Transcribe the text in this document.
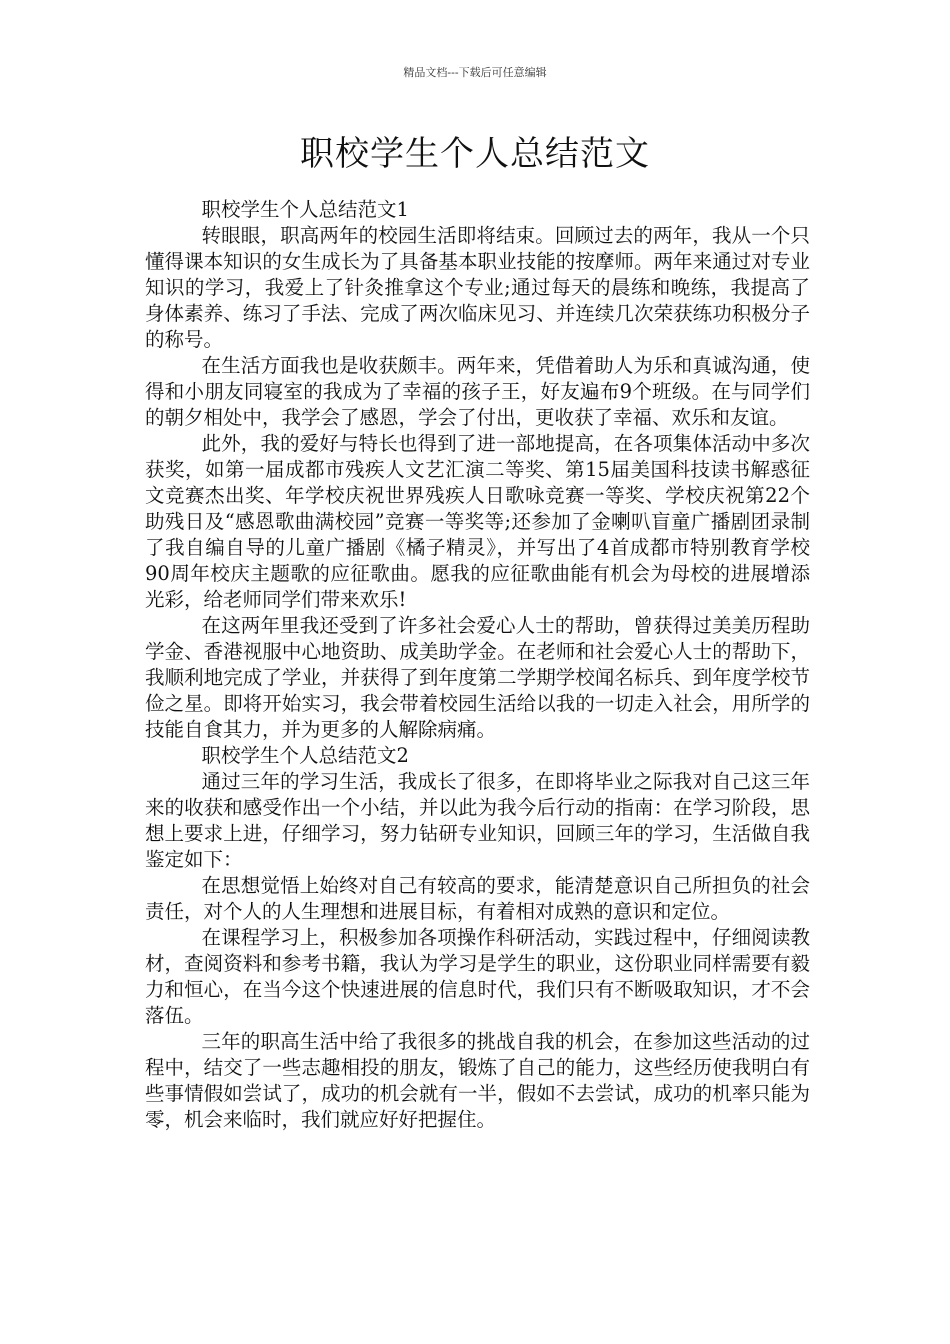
精品文档---下载后可任意编辑
职校学生个人总结范文

职校学生个人总结范文1

转眼眼，职高两年的校园生活即将结束。回顾过去的两年，我从一个只懂得课本知识的女生成长为了具备基本职业技能的按摩师。两年来通过对专业知识的学习，我爱上了针灸推拿这个专业;通过每天的晨练和晚练，我提高了身体素养、练习了手法、完成了两次临床见习、并连续几次荣获练功积极分子的称号。

在生活方面我也是收获颇丰。两年来，凭借着助人为乐和真诚沟通，使得和小朋友同寝室的我成为了幸福的孩子王，好友遍布9个班级。在与同学们的朝夕相处中，我学会了感恩，学会了付出，更收获了幸福、欢乐和友谊。

此外，我的爱好与特长也得到了进一部地提高，在各项集体活动中多次获奖，如第一届成都市残疾人文艺汇演二等奖、第15届美国科技读书解惑征文竞赛杰出奖、年学校庆祝世界残疾人日歌咏竞赛一等奖、学校庆祝第22个助残日及“感恩歌曲满校园”竞赛一等奖等;还参加了金喇叭盲童广播剧团录制了我自编自导的儿童广播剧《橘子精灵》，并写出了4首成都市特别教育学校90周年校庆主题歌的应征歌曲。愿我的应征歌曲能有机会为母校的进展增添光彩，给老师同学们带来欢乐!

在这两年里我还受到了许多社会爱心人士的帮助，曾获得过美美历程助学金、香港视服中心地资助、成美助学金。在老师和社会爱心人士的帮助下，我顺利地完成了学业，并获得了到年度第二学期学校闻名标兵、到年度学校节俭之星。即将开始实习，我会带着校园生活给以我的一切走入社会，用所学的技能自食其力，并为更多的人解除病痛。

职校学生个人总结范文2

通过三年的学习生活，我成长了很多，在即将毕业之际我对自己这三年来的收获和感受作出一个小结，并以此为我今后行动的指南：在学习阶段，思想上要求上进，仔细学习，努力钻研专业知识，回顾三年的学习，生活做自我鉴定如下：

在思想觉悟上始终对自己有较高的要求，能清楚意识自己所担负的社会责任，对个人的人生理想和进展目标，有着相对成熟的意识和定位。

在课程学习上，积极参加各项操作科研活动，实践过程中，仔细阅读教材，查阅资料和参考书籍，我认为学习是学生的职业，这份职业同样需要有毅力和恒心，在当今这个快速进展的信息时代，我们只有不断吸取知识，才不会落伍。

三年的职高生活中给了我很多的挑战自我的机会，在参加这些活动的过程中，结交了一些志趣相投的朋友，锻炼了自己的能力，这些经历使我明白有些事情假如尝试了，成功的机会就有一半，假如不去尝试，成功的机率只能为零，机会来临时，我们就应好好把握住。
